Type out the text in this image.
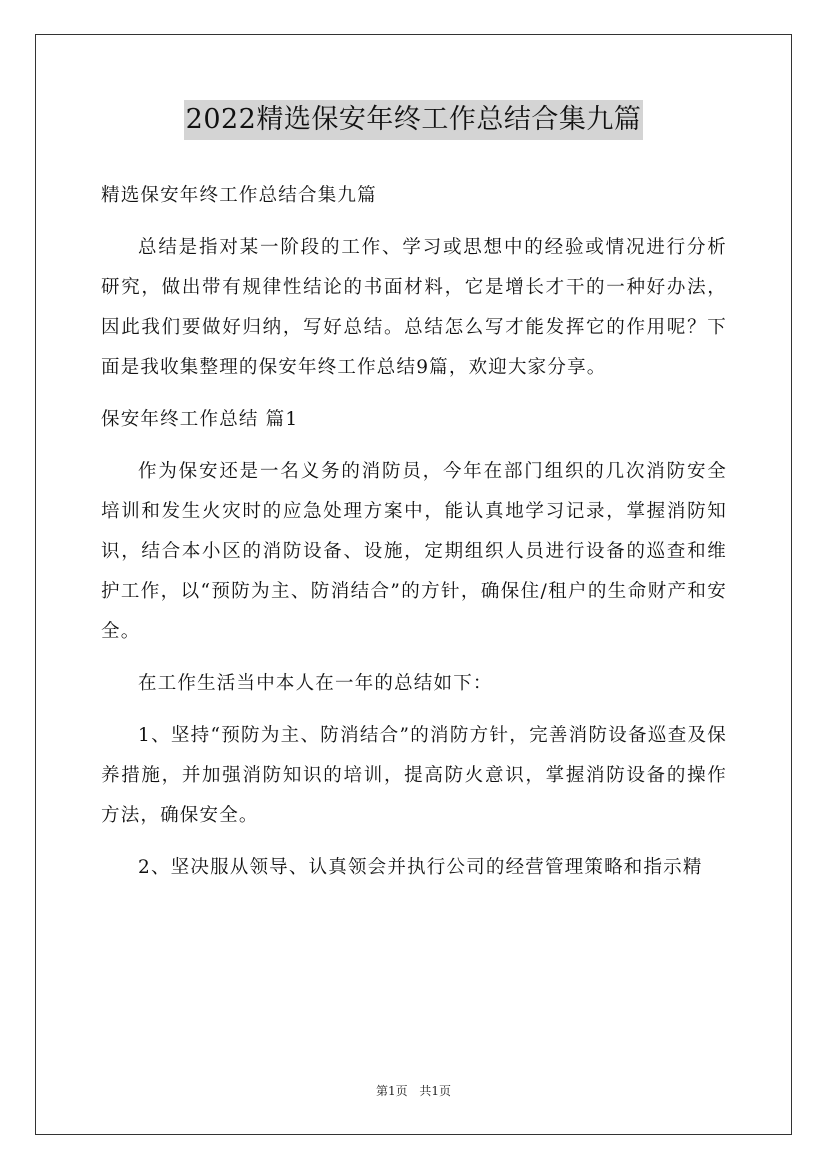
2022精选保安年终工作总结合集九篇

精选保安年终工作总结合集九篇

总结是指对某一阶段的工作、学习或思想中的经验或情况进行分析研究，做出带有规律性结论的书面材料，它是增长才干的一种好办法，因此我们要做好归纳，写好总结。总结怎么写才能发挥它的作用呢？下面是我收集整理的保安年终工作总结9篇，欢迎大家分享。

保安年终工作总结 篇1

作为保安还是一名义务的消防员，今年在部门组织的几次消防安全培训和发生火灾时的应急处理方案中，能认真地学习记录，掌握消防知识，结合本小区的消防设备、设施，定期组织人员进行设备的巡查和维护工作，以“预防为主、防消结合”的方针，确保住/租户的生命财产和安全。

在工作生活当中本人在一年的总结如下：

1、坚持“预防为主、防消结合”的消防方针，完善消防设备巡查及保养措施，并加强消防知识的培训，提高防火意识，掌握消防设备的操作方法，确保安全。

2、坚决服从领导、认真领会并执行公司的经营管理策略和指示精

第1页 共1页
